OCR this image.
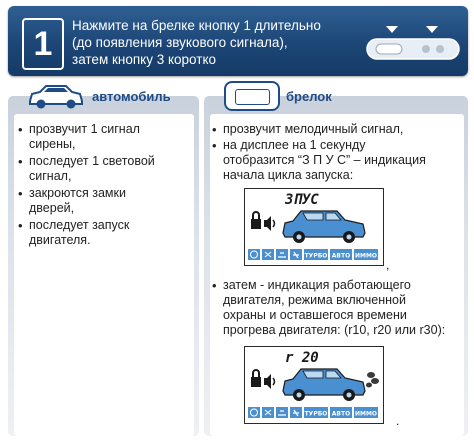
1	Нажмите на брелке кнопку 1 длительно
(до появления звукового сигнала),
затем кнопку 3 коротко
автомобиль	брелок
• прозвучит 1 сигнал
сирены,
• последует 1 световой
сигнал,
• закроются замки
дверей,
• последует запуск
двигателя.
• прозвучит мелодичный сигнал,
• на дисплее на 1 секунду
отобразится “З П У С” – индикация
начала цикла запуска:
ЗПУС
ТУРБО АВТО ИММО
,
• затем - индикация работающего
двигателя, режима включенной
охраны и оставшегося времени
прогрева двигателя: (r10, r20 или r30):
r 20
ТУРБО АВТО ИММО .
